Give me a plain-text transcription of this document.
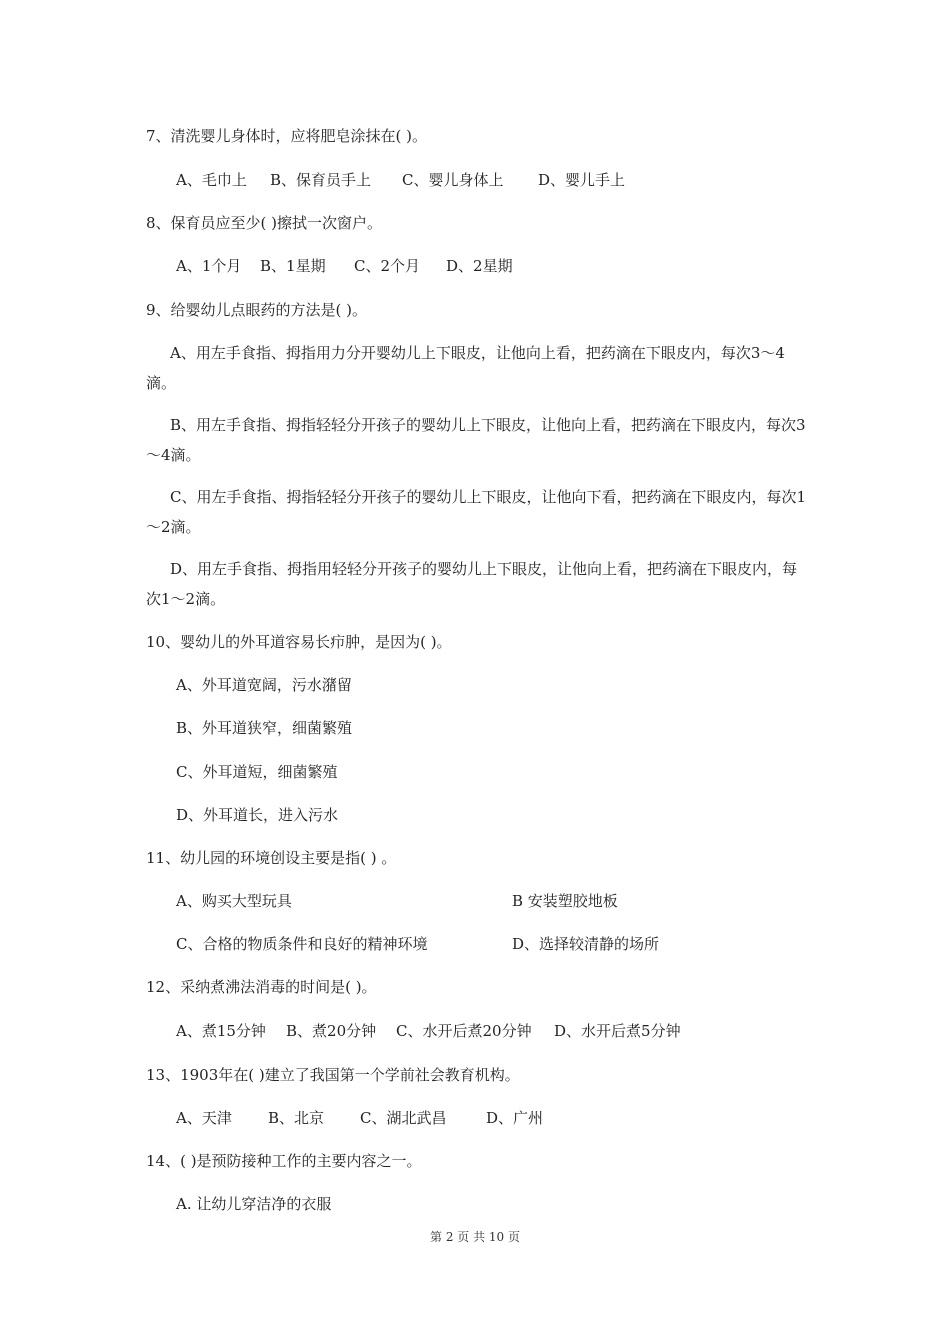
7、清洗婴儿身体时，应将肥皂涂抹在( )。
A、毛巾上 B、保育员手上 C、婴儿身体上 D、婴儿手上
8、保育员应至少( )擦拭一次窗户。
A、1个月 B、1星期 C、2个月 D、2星期
9、给婴幼儿点眼药的方法是( )。
A、用左手食指、拇指用力分开婴幼儿上下眼皮，让他向上看，把药滴在下眼皮内，每次3～4滴。
B、用左手食指、拇指轻轻分开孩子的婴幼儿上下眼皮，让他向上看，把药滴在下眼皮内，每次3～4滴。
C、用左手食指、拇指轻轻分开孩子的婴幼儿上下眼皮，让他向下看，把药滴在下眼皮内，每次1～2滴。
D、用左手食指、拇指用轻轻分开孩子的婴幼儿上下眼皮，让他向上看，把药滴在下眼皮内，每次1～2滴。
10、婴幼儿的外耳道容易长疖肿，是因为( )。
A、外耳道宽阔，污水潴留
B、外耳道狭窄，细菌繁殖
C、外耳道短，细菌繁殖
D、外耳道长，进入污水
11、幼儿园的环境创设主要是指( ) 。
A、购买大型玩具	B 安装塑胶地板
C、合格的物质条件和良好的精神环境	D、选择较清静的场所
12、采纳煮沸法消毒的时间是( )。
A、煮15分钟 B、煮20分钟 C、水开后煮20分钟 D、水开后煮5分钟
13、1903年在( )建立了我国第一个学前社会教育机构。
A、天津 B、北京 C、湖北武昌	D、广州
14、( )是预防接种工作的主要内容之一。
A. 让幼儿穿洁净的衣服
第 2 页 共 10 页
